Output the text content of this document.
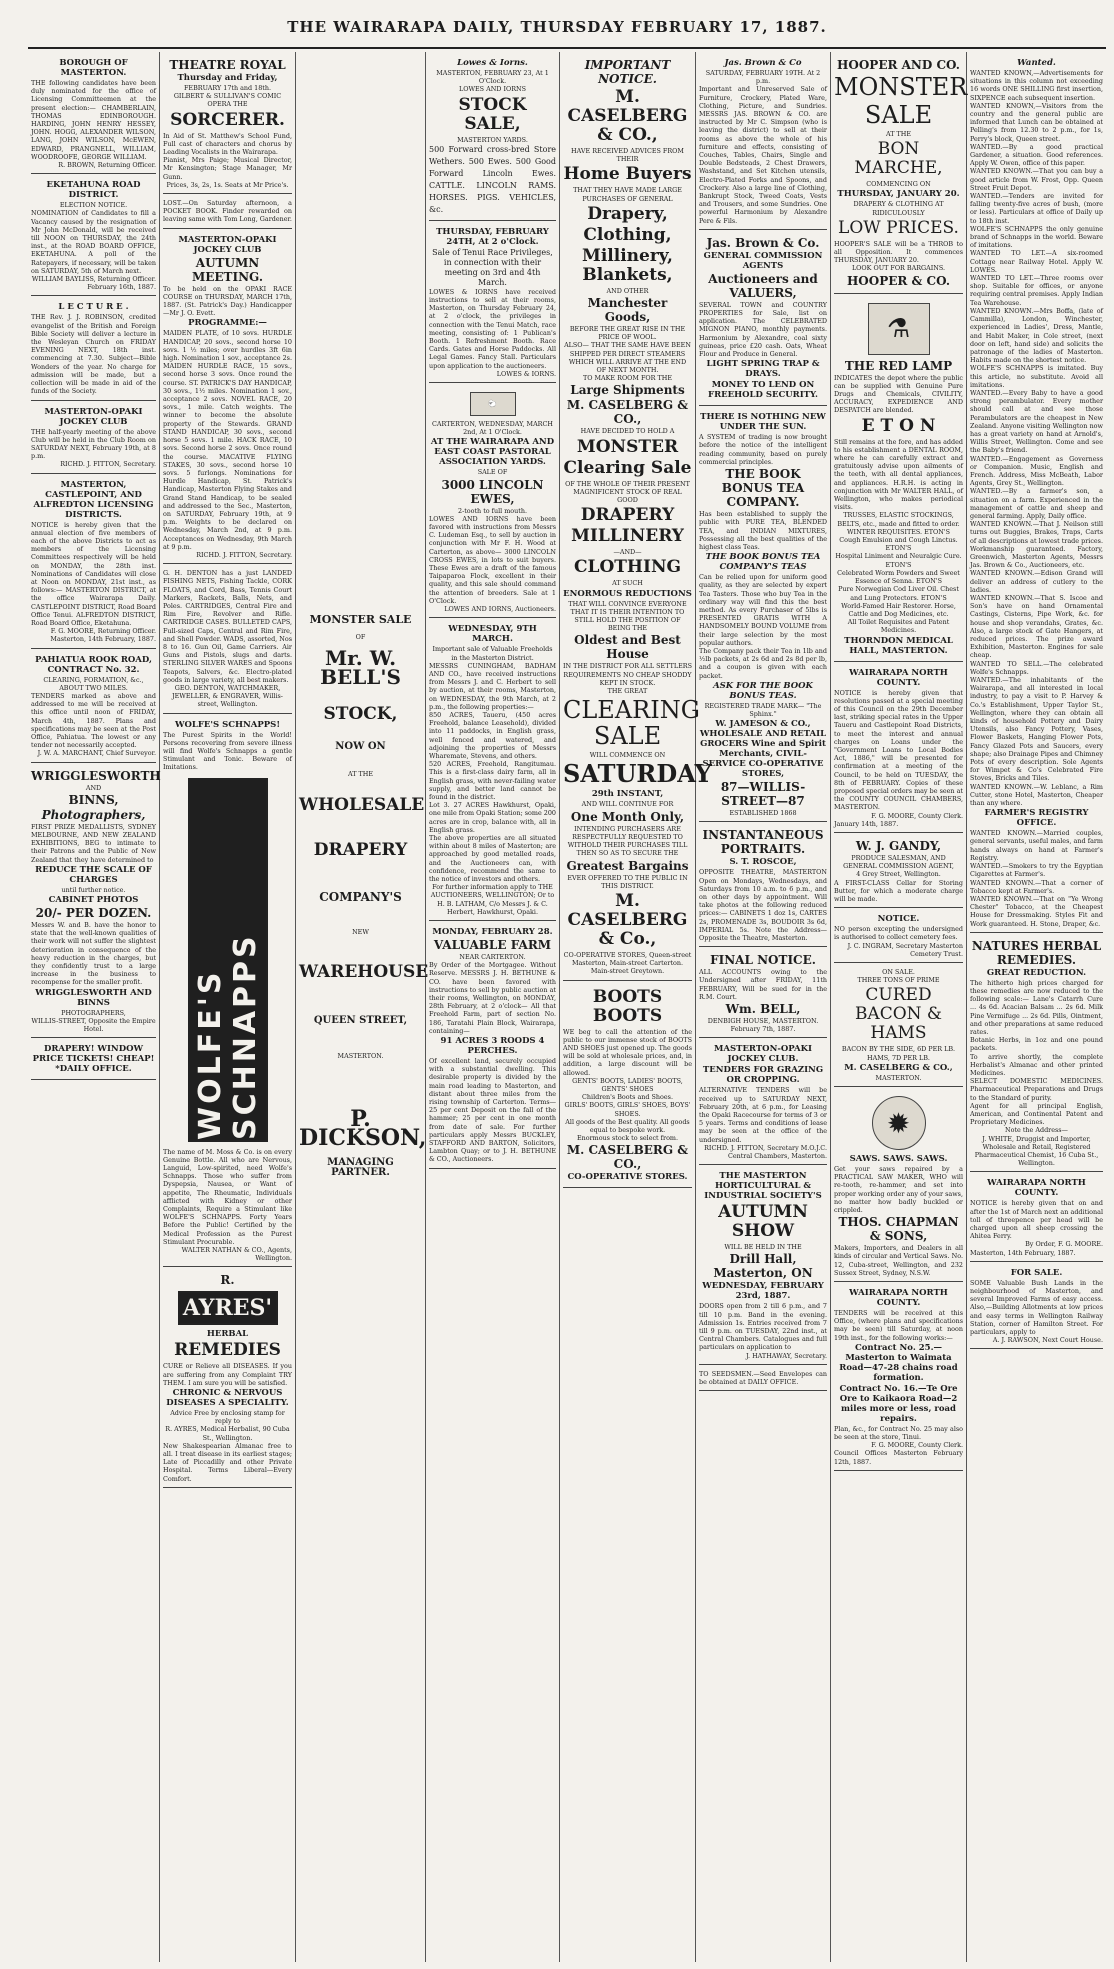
THE WAIRARAPA DAILY, THURSDAY FEBRUARY 17, 1887.

BOROUGH OF MASTERTON.

THE following candidates have been duly nominated for the office of Licensing Committeemen at the present election:— CHAMBERLAIN, THOMAS EDINBOROUGH. HARDING, JOHN HENRY HESSEY, JOHN. HOGG, ALEXANDER WILSON, LANG, JOHN WILSON, McEWEN, EDWARD, PRANGNELL, WILLIAM, WOODROOFE, GEORGE WILLIAM.

R. BROWN, Returning Officer.

EKETAHUNA ROAD DISTRICT.

ELECTION NOTICE.

NOMINATION of Candidates to fill a Vacancy caused by the resignation of Mr John McDonald, will be received till NOON on THURSDAY, the 24th inst., at the ROAD BOARD OFFICE, EKETAHUNA. A poll of the Ratepayers, if necessary, will be taken on SATURDAY, 5th of March next.

WILLIAM BAYLISS, Returning Officer. February 16th, 1887.

L E C T U R E .

THE Rev. J. J. ROBINSON, credited evangelist of the British and Foreign Bible Society will deliver a lecture in the Wesleyan Church on FRIDAY EVENING NEXT, 18th inst. commencing at 7.30. Subject—Bible Wonders of the year. No charge for admission will be made, but a collection will be made in aid of the funds of the Society.

MASTERTON-OPAKI JOCKEY CLUB

THE half-yearly meeting of the above Club will be held in the Club Room on SATURDAY NEXT, February 19th, at 8 p.m.

RICHD. J. FITTON, Secretary.

MASTERTON, CASTLEPOINT, AND ALFREDTON LICENSING DISTRICTS.

NOTICE is hereby given that the annual election of five members of each of the above Districts to act as members of the Licensing Committees respectively will be held on MONDAY, the 28th inst. Nominations of Candidates will close at Noon on MONDAY, 21st inst., as follows:— MASTERTON DISTRICT, at the office Wairarapa Daily. CASTLEPOINT DISTRICT, Road Board Office Tenui. ALFREDTON DISTRICT, Road Board Office, Eketahuna.

F. G. MOORE, Returning Officer. Masterton, 14th February, 1887.

PAHIATUA ROOK ROAD, CONTRACT No. 32.

CLEARING, FORMATION, &c., ABOUT TWO MILES.

TENDERS marked as above and addressed to me will be received at this office until noon of FRIDAY, March 4th, 1887. Plans and specifications may be seen at the Post Office, Pahiatua. The lowest or any tender not necessarily accepted.

J. W. A. MARCHANT, Chief Surveyor.

WRIGGLESWORTH

AND

BINNS,

Photographers,

FIRST PRIZE MEDALLISTS, SYDNEY MELBOURNE, AND NEW ZEALAND EXHIBITIONS, BEG to intimate to their Patrons and the Public of New Zealand that they have determined to

REDUCE THE SCALE OF CHARGES

until further notice.

CABINET PHOTOS

20/- PER DOZEN.

Messrs W. and B. have the honor to state that the well-known qualities of their work will not suffer the slightest deterioration in consequence of the heavy reduction in the charges, but they confidently trust to a large increase in the business to recompense for the smaller profit.

WRIGGLESWORTH AND BINNS

PHOTOGRAPHERS,

WILLIS-STREET, Opposite the Empire Hotel.

DRAPERY! WINDOW PRICE TICKETS! CHEAP! *DAILY OFFICE.

THEATRE ROYAL

Thursday and Friday,

FEBRUARY 17th and 18th.

GILBERT & SULLIVAN'S COMIC OPERA THE

SORCERER.

In Aid of St. Matthew's School Fund, Full cast of characters and chorus by Leading Vocalists in the Wairarapa.

Pianist, Mrs Paige; Musical Director, Mr Kensington; Stage Manager, Mr Gunn.

Prices, 3s, 2s, 1s. Seats at Mr Price's.

LOST.—On Saturday afternoon, a POCKET BOOK. Finder rewarded on leaving same with Tom Long, Gardener.

MASTERTON-OPAKI JOCKEY CLUB

AUTUMN MEETING.

To be held on the OPAKI RACE COURSE on THURSDAY, MARCH 17th, 1887. (St. Patrick's Day.) Handicapper—Mr J. O. Evett.

PROGRAMME:—

MAIDEN PLATE, of 10 sovs. HURDLE HANDICAP, 20 sovs., second horse 10 sovs. 1 ½ miles; over hurdles 3ft 6in high. Nomination 1 sov., acceptance 2s. MAIDEN HURDLE RACE, 15 sovs., second horse 3 sovs. Once round the course. ST. PATRICK'S DAY HANDICAP, 30 sovs., 1½ miles. Nomination 1 sov., acceptance 2 sovs. NOVEL RACE, 20 sovs., 1 mile. Catch weights. The winner to become the absolute property of the Stewards. GRAND STAND HANDICAP, 30 sovs., second horse 5 sovs. 1 mile. HACK RACE, 10 sovs. Second horse 2 sovs. Once round the course. MACATIVE FLYING STAKES, 30 sovs., second horse 10 sovs. 5 furlongs. Nominations for Hurdle Handicap, St. Patrick's Handicap, Masterton Flying Stakes and Grand Stand Handicap, to be sealed and addressed to the Sec., Masterton, on SATURDAY, February 19th, at 9 p.m. Weights to be declared on Wednesday, March 2nd, at 9 p.m. Acceptances on Wednesday, 9th March at 9 p.m.

RICHD. J. FITTON, Secretary.

G. H. DENTON has a just LANDED FISHING NETS, Fishing Tackle, CORK FLOATS, and Cord, Bass, Tennis Court Markers, Rackets, Balls, Nets, and Poles. CARTRIDGES, Central Fire and Rim Fire, Revolver and Rifle. CARTRIDGE CASES. BULLETED CAPS, Full-sized Caps, Central and Rim Fire, and Shell Powder. WADS, assorted, Nos 8 to 16. Gun Oil, Game Carriers. Air Guns and Pistols, slugs and darts. STERLING SILVER WARES and Spoons Teapots, Salvers, &c. Electro-plated goods in large variety, all best makers.

GEO. DENTON, WATCHMAKER, JEWELLER, & ENGRAVER, Willis-street, Wellington.

WOLFE'S SCHNAPPS!

The Purest Spirits in the World! Persons recovering from severe illness will find Wolfe's Schnapps a gentle Stimulant and Tonic. Beware of Imitations.

WOLFE'S SCHNAPPS

The name of M. Moss & Co. is on every Genuine Bottle. All who are Nervous, Languid, Low-spirited, need Wolfe's Schnapps. Those who suffer from Dyspepsia, Nausea, or Want of appetite, The Rheumatic, Individuals afflicted with Kidney or other Complaints, Require a Stimulant like WOLFE'S SCHNAPPS. Forty Years Before the Public! Certified by the Medical Profession as the Purest Stimulant Procurable.

WALTER NATHAN & CO., Agents, Wellington.

R.

AYRES'

HERBAL

REMEDIES

CURE or Relieve all DISEASES. If you are suffering from any Complaint TRY THEM. I am sure you will be satisfied.

CHRONIC & NERVOUS DISEASES A SPECIALITY.

Advice Free by enclosing stamp for reply to

R. AYRES, Medical Herbalist, 90 Cuba St., Wellington.

New Shakespearian Almanac free to all. I treat disease in its earliest stages; Late of Piccadilly and other Private Hospital. Terms Liberal—Every Comfort.

MONSTER SALE

OF

Mr. W. BELL'S

STOCK,

NOW ON

AT THE

WHOLESALE

DRAPERY

COMPANY'S

NEW

WAREHOUSE

QUEEN STREET,

MASTERTON.

P. DICKSON,

MANAGING PARTNER.

Lowes & Iorns.

MASTERTON, FEBRUARY 23, At 1 O'Clock.

LOWES AND IORNS

STOCK SALE,

MASTERTON YARDS.

500 Forward cross-bred Store Wethers. 500 Ewes. 500 Good Forward Lincoln Ewes. CATTLE. LINCOLN RAMS. HORSES. PIGS. VEHICLES, &c.

THURSDAY, FEBRUARY 24TH, At 2 o'Clock.

Sale of Tenui Race Privileges, in connection with their meeting on 3rd and 4th March.

LOWES & IORNS have received instructions to sell at their rooms, Masterton, on Thursday February 24, at 2 o'clock, the privileges in connection with the Tenui Match, race meeting, consisting of: 1 Publican's Booth. 1 Refreshment Booth. Race Cards. Gates and Horse Paddocks. All Legal Games. Fancy Stall. Particulars upon application to the auctioneers.

LOWES & IORNS.

🐑

CARTERTON, WEDNESDAY, MARCH 2nd, At 1 O'Clock.

AT THE WAIRARAPA AND EAST COAST PASTORAL ASSOCIATION YARDS.

SALE OF

3000 LINCOLN EWES,

2-tooth to full mouth.

LOWES AND IORNS have been favored with instructions from Messrs C. Ludeman Esq., to sell by auction in conjunction with Mr F. H. Wood at Carterton, as above— 3000 LINCOLN CROSS EWES, in lots to suit buyers. These Ewes are a draft of the famous Taipaparoa Flock, excellent in their quality, and this sale should command the attention of breeders. Sale at 1 O'Clock.

LOWES AND IORNS, Auctioneers.

WEDNESDAY, 9TH MARCH.

Important sale of Valuable Freeholds in the Masterton District.

MESSRS CUNINGHAM, BADHAM AND CO., have received instructions from Messrs J. and C. Herbert to sell by auction, at their rooms, Masterton, on WEDNESDAY, the 9th March, at 2 p.m., the following properties:—

850 ACRES, Taueru, (450 acres Freehold, balance Leasehold), divided into 11 paddocks, in English grass, well fenced and watered, and adjoining the properties of Messrs Wharemate, Stevens, and others.

520 ACRES, Freehold, Rangitumau. This is a first-class dairy farm, all in English grass, with never-failing water supply, and better land cannot be found in the district.

Lot 3. 27 ACRES Hawkhurst, Opaki, one mile from Opaki Station; some 200 acres are in crop, balance with, all in English grass.

The above properties are all situated within about 8 miles of Masterton; are approached by good metalled roads, and the Auctioneers can, with confidence, recommend the same to the notice of investors and others.

For further information apply to THE AUCTIONEERS, WELLINGTON; Or to H. B. LATHAM, C/o Messrs J. & C. Herbert, Hawkhurst, Opaki.

MONDAY, FEBRUARY 28.

VALUABLE FARM

NEAR CARTERTON.

By Order of the Mortgagee. Without Reserve. MESSRS J. H. BETHUNE & CO. have been favored with instructions to sell by public auction at their rooms, Wellington, on MONDAY, 28th February, at 2 o'clock— All that Freehold Farm, part of section No. 186, Taratahi Plain Block, Wairarapa, containing—

91 ACRES 3 ROODS 4 PERCHES.

Of excellent land, securely occupied with a substantial dwelling. This desirable property is divided by the main road leading to Masterton, and distant about three miles from the rising township of Carterton. Terms—25 per cent Deposit on the fall of the hammer; 25 per cent in one month from date of sale. For further particulars apply Messrs BUCKLEY, STAFFORD AND BARTON, Solicitors, Lambton Quay; or to J. H. BETHUNE & CO., Auctioneers.

IMPORTANT NOTICE.

M. CASELBERG & CO.,

HAVE RECEIVED ADVICES FROM THEIR

Home Buyers

THAT THEY HAVE MADE LARGE PURCHASES OF GENERAL

Drapery,

Clothing,

Millinery, Blankets,

AND OTHER

Manchester Goods,

BEFORE THE GREAT RISE IN THE PRICE OF WOOL.

ALSO— THAT THE SAME HAVE BEEN SHIPPED PER DIRECT STEAMERS WHICH WILL ARRIVE AT THE END OF NEXT MONTH.

TO MAKE ROOM FOR THE

Large Shipments

M. CASELBERG & CO.,

HAVE DECIDED TO HOLD A

MONSTER

Clearing Sale

OF THE WHOLE OF THEIR PRESENT MAGNIFICENT STOCK OF REAL GOOD

DRAPERY

MILLINERY

—AND—

CLOTHING

AT SUCH

ENORMOUS REDUCTIONS

THAT WILL CONVINCE EVERYONE THAT IT IS THEIR INTENTION TO STILL HOLD THE POSITION OF BEING THE

Oldest and Best House

IN THE DISTRICT FOR ALL SETTLERS REQUIREMENTS NO CHEAP SHODDY KEPT IN STOCK.

THE GREAT

CLEARING SALE

WILL COMMENCE ON

SATURDAY

29th INSTANT,

AND WILL CONTINUE FOR

One Month Only,

INTENDING PURCHASERS ARE RESPECTFULLY REQUESTED TO WITHOLD THEIR PURCHASES TILL THEN SO AS TO SECURE THE

Greatest Bargains

EVER OFFERED TO THE PUBLIC IN THIS DISTRICT.

M. CASELBERG & Co.,

CO-OPERATIVE STORES, Queen-street Masterton, Main-street Carterton. Main-street Greytown.

BOOTS BOOTS

WE beg to call the attention of the public to our immense stock of BOOTS AND SHOES just opened up. The goods will be sold at wholesale prices, and, in addition, a large discount will be allowed.

GENTS' BOOTS, LADIES' BOOTS, GENTS' SHOES

Children's Boots and Shoes.

GIRLS' BOOTS, GIRLS' SHOES, BOYS' SHOES.

All goods of the Best quality. All goods equal to bespoke work.

Enormous stock to select from.

M. CASELBERG & CO.,

CO-OPERATIVE STORES.

Jas. Brown & Co

SATURDAY, FEBRUARY 19TH. At 2 p.m.

Important and Unreserved Sale of Furniture, Crockery, Plated Ware, Clothing, Picture, and Sundries. MESSRS JAS. BROWN & CO. are instructed by Mr C. Simpson (who is leaving the district) to sell at their rooms as above the whole of his furniture and effects, consisting of Couches, Tables, Chairs, Single and Double Bedsteads, 2 Chest Drawers, Washstand, and Set Kitchen utensils, Electro-Plated Forks and Spoons, and Crockery. Also a large line of Clothing, Bankrupt Stock, Tweed Coats, Vests and Trousers, and some Sundries. One powerful Harmonium by Alexandre Pere & Fils.

Jas. Brown & Co.

GENERAL COMMISSION AGENTS

Auctioneers and VALUERS,

SEVERAL TOWN and COUNTRY PROPERTIES for Sale, list on application. The CELEBRATED MIGNON PIANO, monthly payments. Harmonium by Alexandre, coal sixty guineas, price £20 cash. Oats, Wheat Flour and Produce in General.

LIGHT SPRING TRAP & DRAYS.

MONEY TO LEND ON FREEHOLD SECURITY.

THERE IS NOTHING NEW UNDER THE SUN.

A SYSTEM of trading is now brought before the notice of the intelligent reading community, based on purely commercial principles.

THE BOOK BONUS TEA COMPANY.

Has been established to supply the public with PURE TEA, BLENDED TEA, and INDIAN MIXTURES, Possessing all the best qualities of the highest class Teas.

THE BOOK BONUS TEA COMPANY'S TEAS

Can be relied upon for uniform good quality, as they are selected by expert Tea Tasters. Those who buy Tea in the ordinary way will find this the best method. As every Purchaser of 5lbs is PRESENTED GRATIS WITH A HANDSOMELY BOUND VOLUME from their large selection by the most popular authors.

The Company pack their Tea in 1lb and ½lb packets, at 2s 6d and 2s 8d per lb, and a coupon is given with each packet.

ASK FOR THE BOOK BONUS TEAS.

REGISTERED TRADE MARK— "The Sphinx."

W. JAMESON & CO., WHOLESALE AND RETAIL GROCERS Wine and Spirit Merchants, CIVIL-SERVICE CO-OPERATIVE STORES,

87—WILLIS-STREET—87

ESTABLISHED 1868

INSTANTANEOUS PORTRAITS.

S. T. ROSCOE,

OPPOSITE THEATRE, MASTERTON Open on Mondays, Wednesdays, and Saturdays from 10 a.m. to 6 p.m., and on other days by appointment. Will take photos at the following reduced prices:— CABINETS 1 doz 1s, CARTES 2s, PROMENADE 3s, BOUDOIR 3s 6d, IMPERIAL 5s. Note the Address—Opposite the Theatre, Masterton.

FINAL NOTICE.

ALL ACCOUNTS owing to the Undersigned after FRIDAY, 11th FEBRUARY, Will be sued for in the R.M. Court.

Wm. BELL,

DENBIGH HOUSE, MASTERTON.

February 7th, 1887.

MASTERTON-OPAKI JOCKEY CLUB.

TENDERS FOR GRAZING OR CROPPING.

ALTERNATIVE TENDERS will be received up to SATURDAY NEXT, February 20th, at 6 p.m., for Leasing the Opaki Racecourse for terms of 3 or 5 years. Terms and conditions of lease may be seen at the office of the undersigned.

RICHD. J. FITTON, Secretary M.O.J.C. Central Chambers, Masterton.

THE MASTERTON HORTICULTURAL & INDUSTRIAL SOCIETY'S

AUTUMN SHOW

WILL BE HELD IN THE

Drill Hall, Masterton, ON

WEDNESDAY, FEBRUARY 23rd, 1887.

DOORS open from 2 till 6 p.m., and 7 till 10 p.m. Band in the evening. Admission 1s. Entries received from 7 till 9 p.m. on TUESDAY, 22nd inst., at Central Chambers. Catalogues and full particulars on application to

J. HATHAWAY, Secretary.

TO SEEDSMEN.—Seed Envelopes can be obtained at DAILY OFFICE.

HOOPER AND CO.

MONSTER

SALE

AT THE

BON MARCHE,

COMMENCING ON

THURSDAY, JANUARY 20.

DRAPERY & CLOTHING AT RIDICULOUSLY

LOW PRICES.

HOOPER'S SALE will be a THROB to all Opposition. It commences THURSDAY, JANUARY 20.

LOOK OUT FOR BARGAINS.

HOOPER & CO.

⚗

THE RED LAMP

INDICATES the depot where the public can be supplied with Genuine Pure Drugs and Chemicals, CIVILITY, ACCURACY, EXPEDIENCE AND DESPATCH are blended.

E T O N

Still remains at the fore, and has added to his establishment a DENTAL ROOM, where he can carefully extract and gratuitously advise upon ailments of the teeth, with all dental appliances, and appliances. H.R.H. is acting in conjunction with Mr WALTER HALL, of Wellington, who makes periodical visits.

TRUSSES, ELASTIC STOCKINGS, BELTS, etc., made and fitted to order.

WINTER REQUISITES. ETON'S

Cough Emulsion and Cough Linctus. ETON'S

Hospital Liniment and Neuralgic Cure. ETON'S

Celebrated Worm Powders and Sweet Essence of Senna. ETON'S

Pure Norwegian Cod Liver Oil. Chest and Lung Protectors. ETON'S

World-Famed Hair Restorer. Horse, Cattle and Dog Medicines, etc.

All Toilet Requisites and Patent Medicines.

THORNDON MEDICAL HALL, MASTERTON.

WAIRARAPA NORTH COUNTY.

NOTICE is hereby given that resolutions passed at a special meeting of this Council on the 29th December last, striking special rates in the Upper Taueru and Castlepoint Road Districts, to meet the interest and annual charges on Loans under the "Government Loans to Local Bodies Act, 1886," will be presented for confirmation at a meeting of the Council, to be held on TUESDAY, the 8th of FEBRUARY. Copies of these proposed special orders may be seen at the COUNTY COUNCIL CHAMBERS, MASTERTON.

F. G. MOORE, County Clerk.

January 14th, 1887.

W. J. GANDY,

PRODUCE SALESMAN, AND GENERAL COMMISSION AGENT,

4 Grey Street, Wellington.

A FIRST-CLASS Cellar for Storing Butter, for which a moderate charge will be made.

NOTICE.

NO person excepting the undersigned is authorised to collect cemetery fees.

J. C. INGRAM, Secretary Masterton Cemetery Trust.

ON SALE.

THREE TONS OF PRIME

CURED BACON & HAMS

BACON BY THE SIDE, 6D PER LB. HAMS, 7D PER LB.

M. CASELBERG & CO.,

MASTERTON.

✹

SAWS. SAWS. SAWS.

Get your saws repaired by a PRACTICAL SAW MAKER, WHO will re-tooth, re-hammer, and set into proper working order any of your saws, no matter how badly buckled or crippled.

THOS. CHAPMAN & SONS,

Makers, Importers, and Dealers in all kinds of circular and Vertical Saws. No. 12, Cuba-street, Wellington, and 232 Sussex Street, Sydney, N.S.W.

WAIRARAPA NORTH COUNTY.

TENDERS will be received at this Office, (where plans and specifications may be seen) till Saturday, at noon 19th inst., for the following works:—

Contract No. 25.—Masterton to Waimata Road—47-28 chains road formation.

Contract No. 16.—Te Ore Ore to Kaikaora Road—2 miles more or less, road repairs.

Plan, &c., for Contract No. 25 may also be seen at the store, Tinui.

F. G. MOORE, County Clerk.

Council Offices Masterton February 12th, 1887.

Wanted.

WANTED KNOWN,—Advertisements for situations in this column not exceeding 16 words ONE SHILLING first insertion, SIXPENCE each subsequent insertion.

WANTED KNOWN,—Visitors from the country and the general public are informed that Lunch can be obtained at Pelling's from 12.30 to 2 p.m., for 1s, Perry's block, Queen street.

WANTED.—By a good practical Gardener, a situation. Good references. Apply W. Owen, office of this paper.

WANTED KNOWN.—That you can buy a good article from W. Frost, Opp. Queen Street Fruit Depot.

WANTED.—Tenders are invited for falling twenty-five acres of bush, (more or less). Particulars at office of Daily up to 18th inst.

WOLFE'S SCHNAPPS the only genuine brand of Schnapps in the world. Beware of imitations.

WANTED TO LET.—A six-roomed Cottage near Railway Hotel. Apply W. LOWES.

WANTED TO LET.—Three rooms over shop. Suitable for offices, or anyone requiring central premises. Apply Indian Tea Warehouse.

WANTED KNOWN.—Mrs Boffa, (late of Cammilla), London, Winchester, experienced in Ladies', Dress, Mantle, and Habit Maker, in Cole street, (next door on left, hand side) and solicits the patronage of the ladies of Masterton. Habits made on the shortest notice.

WOLFE'S SCHNAPPS is imitated. Buy this article, no substitute. Avoid all imitations.

WANTED.—Every Baby to have a good strong perambulator. Every mother should call at and see those Perambulators are the cheapest in New Zealand. Anyone visiting Wellington now has a great variety on hand at Arnold's, Willis Street, Wellington. Come and see the Baby's friend.

WANTED.—Engagement as Governess or Companion. Music, English and French. Address, Miss McBeath, Labor Agents, Grey St., Wellington.

WANTED.—By a farmer's son, a situation on a farm. Experienced in the management of cattle and sheep and general farming. Apply, Daily office.

WANTED KNOWN.—That J. Neilson still turns out Buggies, Brakes, Traps, Carts of all descriptions at lowest trade prices. Workmanship guaranteed. Factory, Greenwich, Masterton Agents, Messrs Jas. Brown & Co., Auctioneers, etc.

WANTED KNOWN.—Edison Grand will deliver an address of cutlery to the ladies.

WANTED KNOWN.—That S. Iscoe and Son's have on hand Ornamental Castings, Cisterns, Pipe Work, &c. for house and shop verandahs, Grates, &c. Also, a large stock of Gate Hangers, at reduced prices. The prize award Exhibition, Masterton. Engines for sale cheap.

WANTED TO SELL.—The celebrated Wolfe's Schnapps.

WANTED.—The inhabitants of the Wairarapa, and all interested in local industry, to pay a visit to P. Harvey & Co.'s Establishment, Upper Taylor St., Wellington, where they can obtain all kinds of household Pottery and Dairy Utensils, also Fancy Pottery, Vases, Flower Baskets, Hanging Flower Pots, Fancy Glazed Pots and Saucers, every shape; also Drainage Pipes and Chimney Pots of every description. Sole Agents for Wimpet & Co's Celebrated Fire Stoves, Bricks and Tiles.

WANTED KNOWN.—W. Leblanc, a Rim Cutter, stone Hotel, Masterton, Cheaper than any where.

FARMER'S REGISTRY OFFICE.

WANTED KNOWN.—Married couples, general servants, useful males, and farm hands always on hand at Farmer's Registry.

WANTED.—Smokers to try the Egyptian Cigarettes at Farmer's.

WANTED KNOWN.—That a corner of Tobacco kept at Farmer's.

WANTED KNOWN.—That on "Ye Wrong Chester" Tobacco, at the Cheapest House for Dressmaking. Styles Fit and Work guaranteed. H. Stone, Draper, &c.

NATURES HERBAL REMEDIES.

GREAT REDUCTION.

The hitherto high prices charged for these remedies are now reduced to the following scale:— Lane's Catarrh Cure ... 4s 6d. Acacian Balsam ... 2s 6d. Milk Pine Vermifuge ... 2s 6d. Pills, Ointment, and other preparations at same reduced rates.

Botanic Herbs, in 1oz and one pound packets.

To arrive shortly, the complete Herbalist's Almanac and other printed Medicines.

SELECT DOMESTIC MEDICINES. Pharmaceutical Preparations and Drugs to the Standard of purity.

Agent for all principal English, American, and Continental Patent and Proprietary Medicines.

Note the Address—

J. WHITE, Druggist and Importer, Wholesale and Retail, Registered Pharmaceutical Chemist, 16 Cuba St., Wellington.

WAIRARAPA NORTH COUNTY.

NOTICE is hereby given that on and after the 1st of March next an additional toll of threepence per head will be charged upon all sheep crossing the Ahitea Ferry.

By Order, F. G. MOORE.

Masterton, 14th February, 1887.

FOR SALE.

SOME Valuable Bush Lands in the neighbourhood of Masterton, and several Improved Farms of easy access. Also,—Building Allotments at low prices and easy terms in Wellington Railway Station, corner of Hamilton Street. For particulars, apply to

A. J. RAWSON, Next Court House.
